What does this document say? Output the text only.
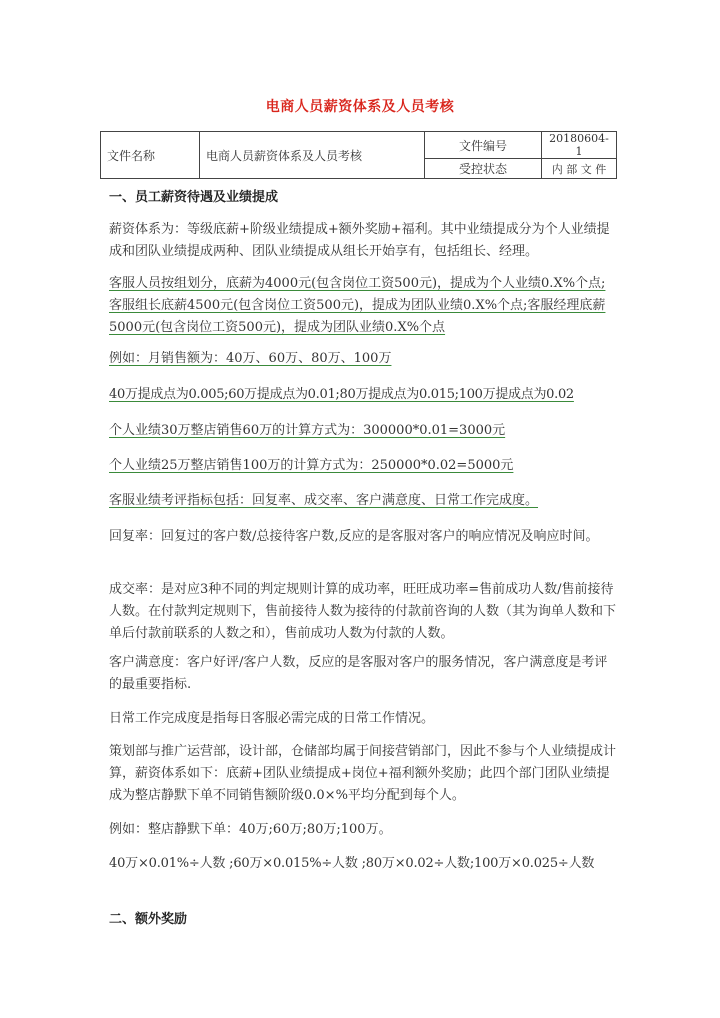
电商人员薪资体系及人员考核
文件名称	电商人员薪资体系及人员考核	文件编号	20180604-1
		受控状态	内 部 文 件
一、员工薪资待遇及业绩提成
薪资体系为：等级底薪+阶级业绩提成+额外奖励+福利。其中业绩提成分为个人业绩提成和团队业绩提成两种、团队业绩提成从组长开始享有，包括组长、经理。
客服人员按组划分，底薪为4000元(包含岗位工资500元)，提成为个人业绩0.X%个点;客服组长底薪4500元(包含岗位工资500元)，提成为团队业绩0.X%个点;客服经理底薪5000元(包含岗位工资500元)，提成为团队业绩0.X%个点
例如：月销售额为：40万、60万、80万、100万
40万提成点为0.005;60万提成点为0.01;80万提成点为0.015;100万提成点为0.02
个人业绩30万整店销售60万的计算方式为：300000*0.01=3000元
个人业绩25万整店销售100万的计算方式为：250000*0.02=5000元
客服业绩考评指标包括：回复率、成交率、客户满意度、日常工作完成度。
回复率：回复过的客户数/总接待客户数,反应的是客服对客户的响应情况及响应时间。
成交率：是对应3种不同的判定规则计算的成功率，旺旺成功率=售前成功人数/售前接待人数。在付款判定规则下，售前接待人数为接待的付款前咨询的人数（其为询单人数和下单后付款前联系的人数之和），售前成功人数为付款的人数。
客户满意度：客户好评/客户人数，反应的是客服对客户的服务情况，客户满意度是考评的最重要指标.
日常工作完成度是指每日客服必需完成的日常工作情况。
策划部与推广运营部，设计部，仓储部均属于间接营销部门，因此不参与个人业绩提成计算，薪资体系如下：底薪+团队业绩提成+岗位+福利额外奖励；此四个部门团队业绩提成为整店静默下单不同销售额阶级0.0×%平均分配到每个人。
例如：整店静默下单：40万;60万;80万;100万。
40万×0.01%÷人数 ;60万×0.015%÷人数 ;80万×0.02÷人数;100万×0.025÷人数
二、额外奖励
